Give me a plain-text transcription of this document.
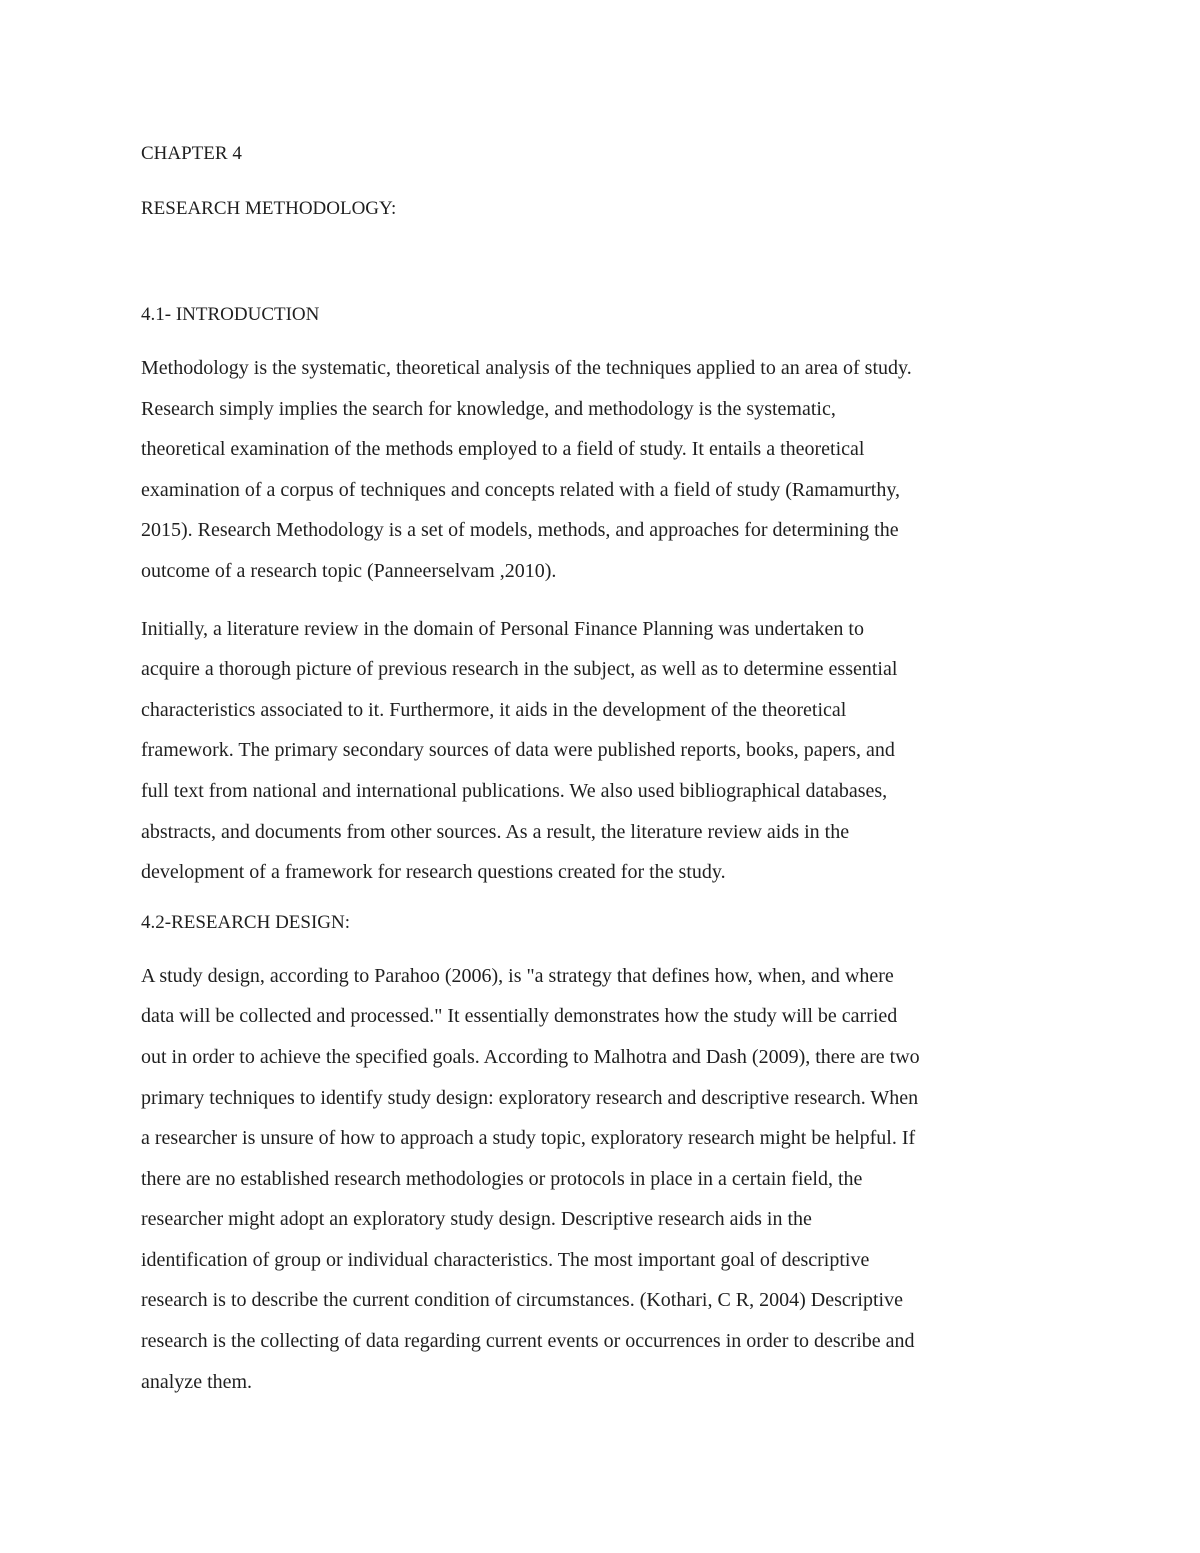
CHAPTER 4

RESEARCH METHODOLOGY:

4.1- INTRODUCTION

Methodology is the systematic, theoretical analysis of the techniques applied to an area of study.

Research simply implies the search for knowledge, and methodology is the systematic,

theoretical examination of the methods employed to a field of study. It entails a theoretical

examination of a corpus of techniques and concepts related with a field of study (Ramamurthy,

2015). Research Methodology is a set of models, methods, and approaches for determining the

outcome of a research topic (Panneerselvam ,2010).

Initially, a literature review in the domain of Personal Finance Planning was undertaken to

acquire a thorough picture of previous research in the subject, as well as to determine essential

characteristics associated to it. Furthermore, it aids in the development of the theoretical

framework. The primary secondary sources of data were published reports, books, papers, and

full text from national and international publications. We also used bibliographical databases,

abstracts, and documents from other sources. As a result, the literature review aids in the

development of a framework for research questions created for the study.

4.2-RESEARCH DESIGN:

A study design, according to Parahoo (2006), is "a strategy that defines how, when, and where

data will be collected and processed." It essentially demonstrates how the study will be carried

out in order to achieve the specified goals. According to Malhotra and Dash (2009), there are two

primary techniques to identify study design: exploratory research and descriptive research. When

a researcher is unsure of how to approach a study topic, exploratory research might be helpful. If

there are no established research methodologies or protocols in place in a certain field, the

researcher might adopt an exploratory study design. Descriptive research aids in the

identification of group or individual characteristics. The most important goal of descriptive

research is to describe the current condition of circumstances. (Kothari, C R, 2004) Descriptive

research is the collecting of data regarding current events or occurrences in order to describe and

analyze them.
